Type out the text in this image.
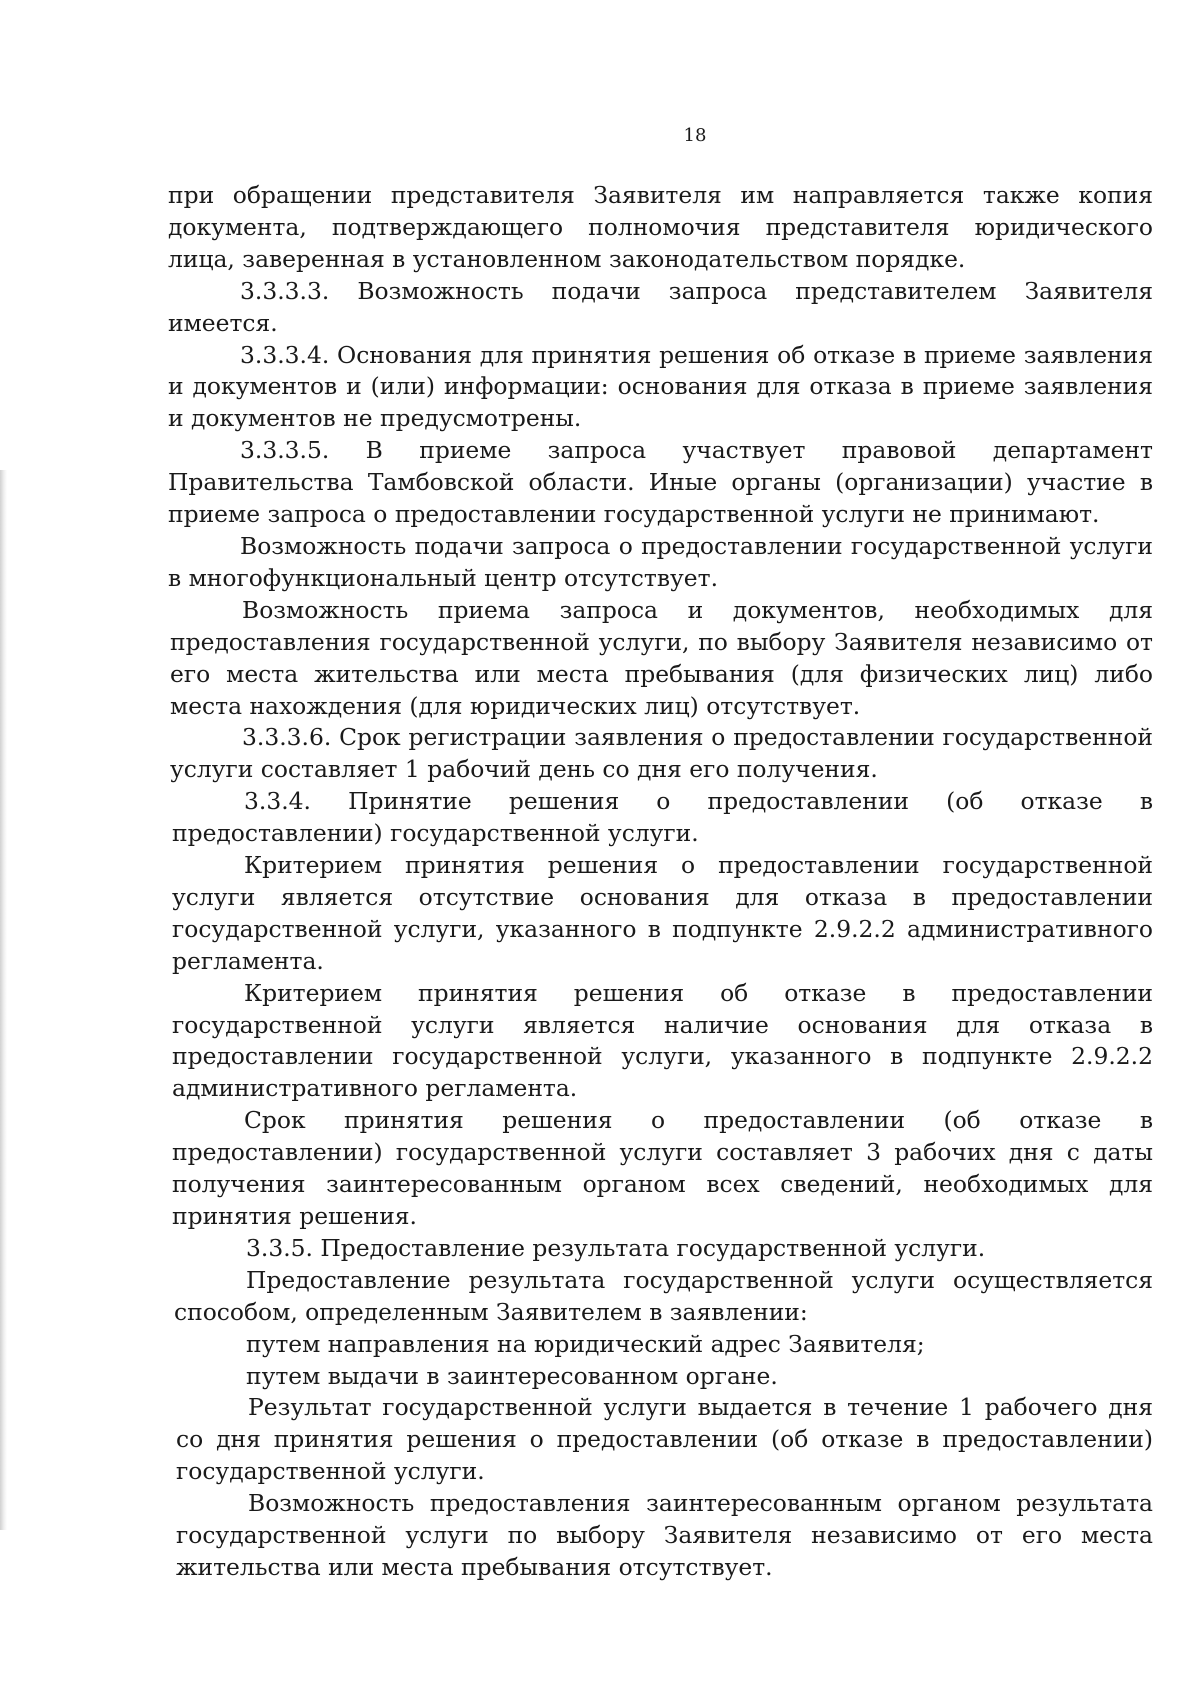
18

при обращении представителя Заявителя им направляется также копия документа, подтверждающего полномочия представителя юридического лица, заверенная в установленном законодательством порядке.

3.3.3.3. Возможность подачи запроса представителем Заявителя имеется.

3.3.3.4. Основания для принятия решения об отказе в приеме заявления и документов и (или) информации: основания для отказа в приеме заявления и документов не предусмотрены.

3.3.3.5. В приеме запроса участвует правовой департамент Правительства Тамбовской области. Иные органы (организации) участие в приеме запроса о предоставлении государственной услуги не принимают.

Возможность подачи запроса о предоставлении государственной услуги в многофункциональный центр отсутствует.

Возможность приема запроса и документов, необходимых для предоставления государственной услуги, по выбору Заявителя независимо от его места жительства или места пребывания (для физических лиц) либо места нахождения (для юридических лиц) отсутствует.

3.3.3.6. Срок регистрации заявления о предоставлении государственной услуги составляет 1 рабочий день со дня его получения.

3.3.4. Принятие решения о предоставлении (об отказе в предоставлении) государственной услуги.

Критерием принятия решения о предоставлении государственной услуги является отсутствие основания для отказа в предоставлении государственной услуги, указанного в подпункте 2.9.2.2 административного регламента.

Критерием принятия решения об отказе в предоставлении государственной услуги является наличие основания для отказа в предоставлении государственной услуги, указанного в подпункте 2.9.2.2 административного регламента.

Срок принятия решения о предоставлении (об отказе в предоставлении) государственной услуги составляет 3 рабочих дня с даты получения заинтересованным органом всех сведений, необходимых для принятия решения.

3.3.5. Предоставление результата государственной услуги.

Предоставление результата государственной услуги осуществляется способом, определенным Заявителем в заявлении:

путем направления на юридический адрес Заявителя;

путем выдачи в заинтересованном органе.

Результат государственной услуги выдается в течение 1 рабочего дня со дня принятия решения о предоставлении (об отказе в предоставлении) государственной услуги.

Возможность предоставления заинтересованным органом результата государственной услуги по выбору Заявителя независимо от его места жительства или места пребывания отсутствует.
